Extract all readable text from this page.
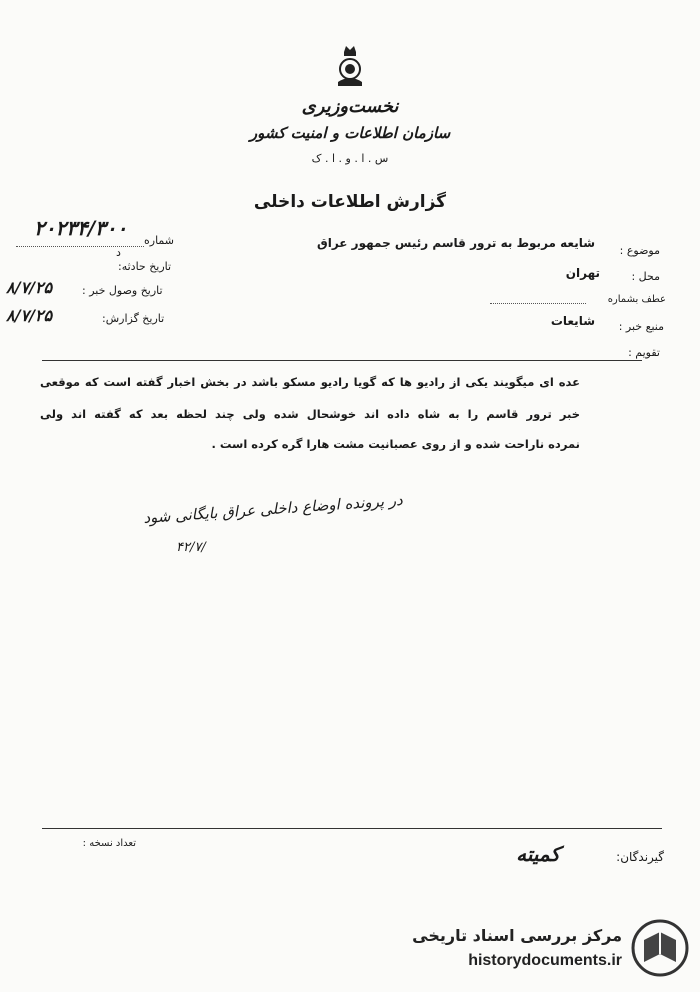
نخست‌وزیری
سازمان اطلاعات و امنیت کشور
س . ا . و . ا . ک
گزارش اطلاعات داخلی
۲۰۲۳۴/۳۰۰
شماره
د
تاریخ حادثه:
تاریخ وصول خبر :
۸/۷/۲۵
تاریخ گزارش:
۸/۷/۲۵
موضوع :
شایعه مربوط به ترور قاسم رئیس جمهور عراق
محل :
تهران
عطف بشماره
منبع خبر :
شایعات
تقویم :
عده ای میگویند یکی از رادیو ها که گویا رادیو مسکو باشد در بخش اخبار گفته است که موقعی
خبر ترور قاسم را به شاه داده اند خوشحال شده ولی چند لحظه بعد که گفته اند ولی
نمرده ناراحت شده و از روی عصبانیت مشت هارا گره کرده است .
در پرونده اوضاع داخلی عراق بایگانی شود
۴۲/۷/
تعداد نسخه :
گیرندگان:
کمیته
مرکز بررسی اسناد تاریخی
historydocuments.ir
